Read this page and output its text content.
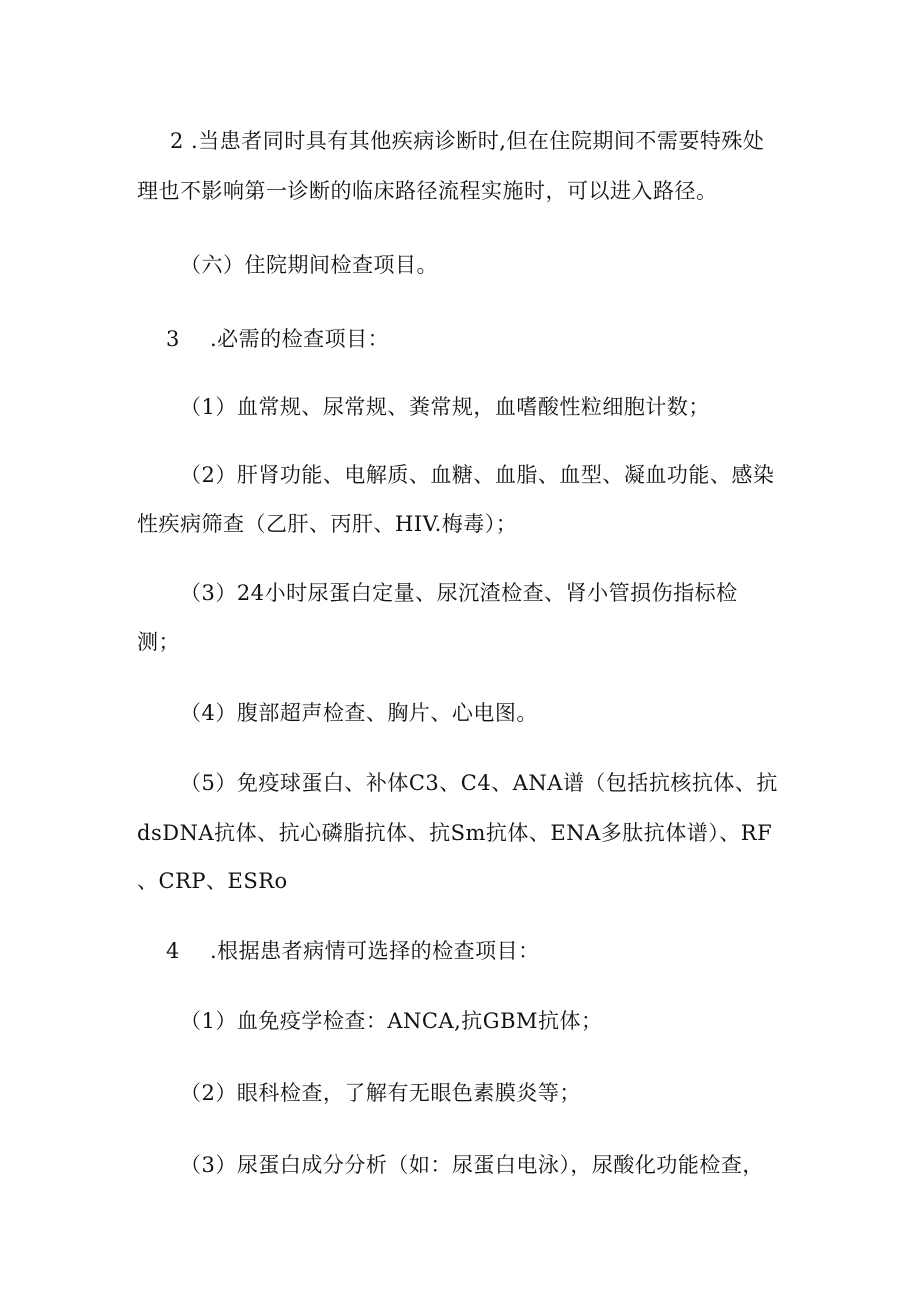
2 .当患者同时具有其他疾病诊断时,但在住院期间不需要特殊处
理也不影响第一诊断的临床路径流程实施时，可以进入路径。
（六）住院期间检查项目。
3 .必需的检查项目：
（1）血常规、尿常规、粪常规，血嗜酸性粒细胞计数；
（2）肝肾功能、电解质、血糖、血脂、血型、凝血功能、感染
性疾病筛查（乙肝、丙肝、HIV.梅毒）；
（3）24小时尿蛋白定量、尿沉渣检查、肾小管损伤指标检
测；
（4）腹部超声检查、胸片、心电图。
（5）免疫球蛋白、补体C3、C4、ANA谱（包括抗核抗体、抗
dsDNA抗体、抗心磷脂抗体、抗Sm抗体、ENA多肽抗体谱）、RF
、CRP、ESRo
4 .根据患者病情可选择的检查项目：
（1）血免疫学检查：ANCA,抗GBM抗体；
（2）眼科检查，了解有无眼色素膜炎等；
（3）尿蛋白成分分析（如：尿蛋白电泳），尿酸化功能检查，
